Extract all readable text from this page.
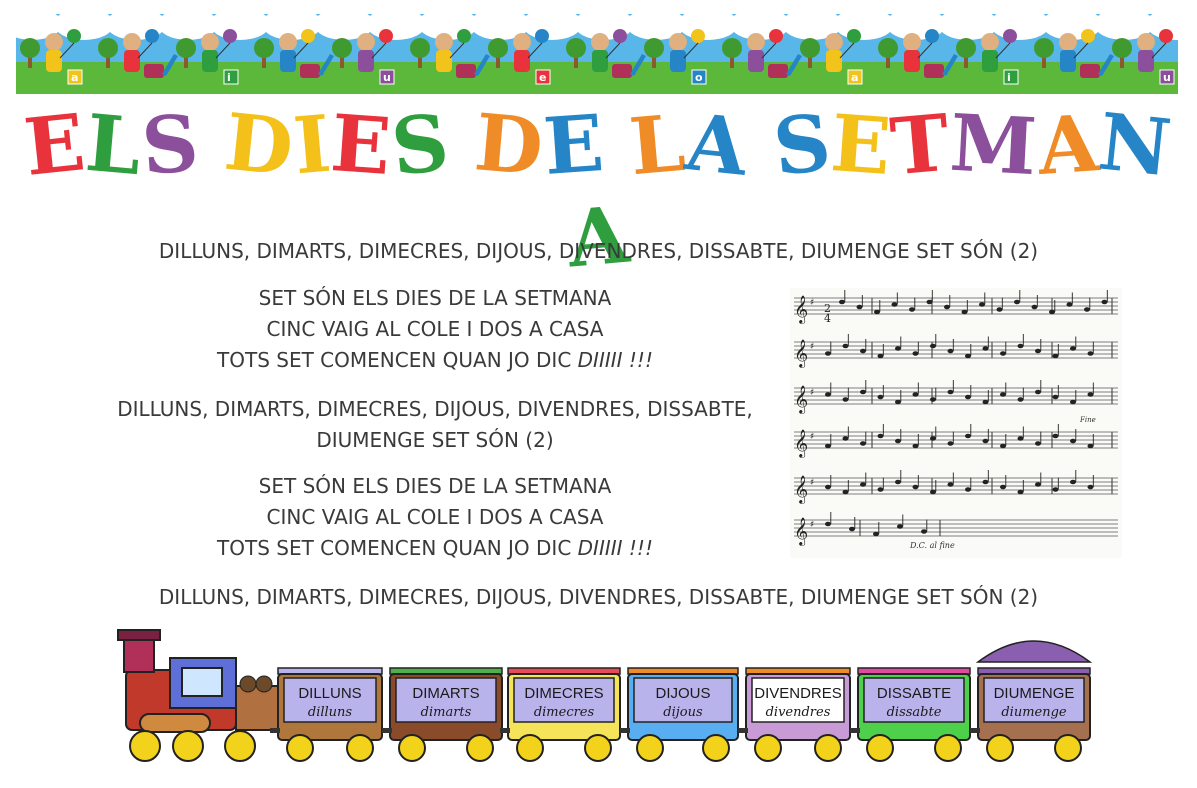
a	i	u	e	o	a	i	u
ELS DIES DE LA SETMANA
DILLUNS, DIMARTS, DIMECRES, DIJOUS, DIVENDRES, DISSABTE, DIUMENGE SET SÓN (2)
SET SÓN ELS DIES DE LA SETMANA
CINC VAIG AL COLE I DOS A CASA
TOTS SET COMENCEN QUAN JO DIC DIIIII !!!
DILLUNS, DIMARTS, DIMECRES, DIJOUS, DIVENDRES, DISSABTE,
DIUMENGE SET SÓN (2)
SET SÓN ELS DIES DE LA SETMANA
CINC VAIG AL COLE I DOS A CASA
TOTS SET COMENCEN QUAN JO DIC DIIIII !!!
DILLUNS, DIMARTS, DIMECRES, DIJOUS, DIVENDRES, DISSABTE, DIUMENGE SET SÓN (2)
𝄞 ♯
𝄞 ♯
𝄞 ♯
𝄞 ♯
𝄞 ♯
𝄞 ♯
2
4
Fine
D.C. al fine
DILLUNS
dilluns
DIMARTS
dimarts
DIMECRES
dimecres
DIJOUS
dijous
DIVENDRES
divendres
DISSABTE
dissabte
DIUMENGE
diumenge
